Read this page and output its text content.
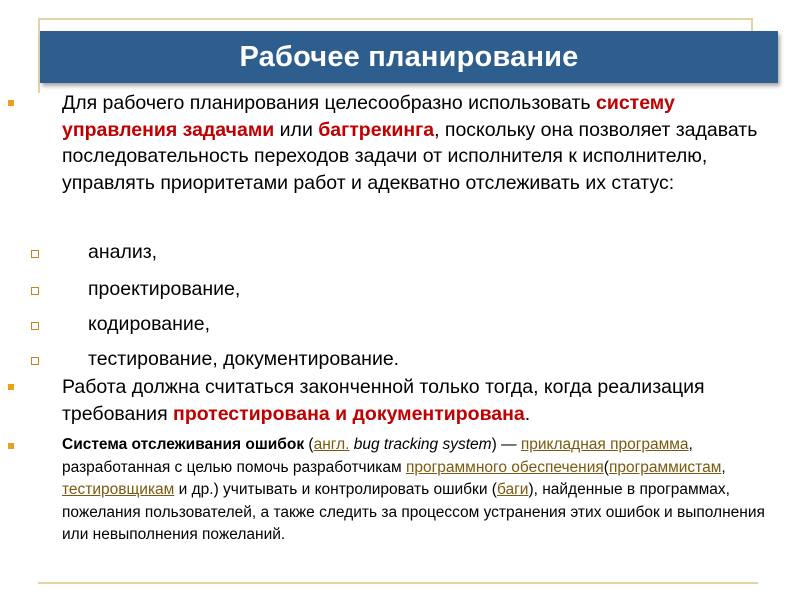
Рабочее планирование
Для рабочего планирования целесообразно использовать систему управления задачами или багтрекинга, поскольку она позволяет задавать последовательность переходов задачи от исполнителя к исполнителю, управлять приоритетами работ и адекватно отслеживать их статус:
анализ,
проектирование,
кодирование,
тестирование, документирование.
Работа должна считаться законченной только тогда, когда реализация требования протестирована и документирована.
Система отслеживания ошибок (англ. bug tracking system) — прикладная программа, разработанная с целью помочь разработчикам программного обеспечения(программистам, тестировщикам и др.) учитывать и контролировать ошибки (баги), найденные в программах, пожелания пользователей, а также следить за процессом устранения этих ошибок и выполнения или невыполнения пожеланий.
